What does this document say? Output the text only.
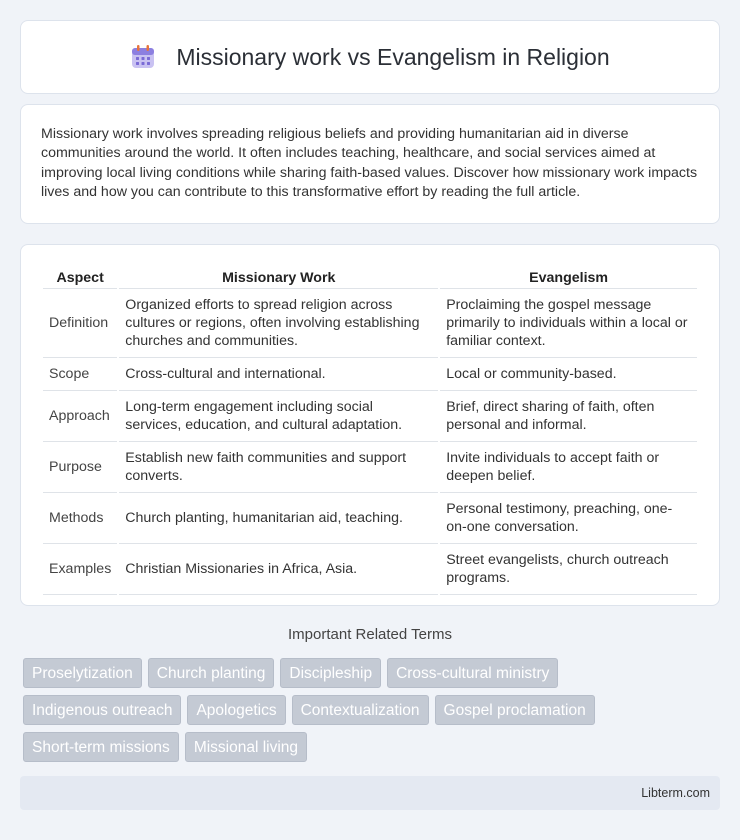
Missionary work vs Evangelism in Religion

Missionary work involves spreading religious beliefs and providing humanitarian aid in diverse communities around the world. It often includes teaching, healthcare, and social services aimed at improving local living conditions while sharing faith-based values. Discover how missionary work impacts lives and how you can contribute to this transformative effort by reading the full article.

Aspect	Missionary Work	Evangelism
Definition	Organized efforts to spread religion across cultures or regions, often involving establishing churches and communities.	Proclaiming the gospel message primarily to individuals within a local or familiar context.
Scope	Cross-cultural and international.	Local or community-based.
Approach	Long-term engagement including social services, education, and cultural adaptation.	Brief, direct sharing of faith, often personal and informal.
Purpose	Establish new faith communities and support converts.	Invite individuals to accept faith or deepen belief.
Methods	Church planting, humanitarian aid, teaching.	Personal testimony, preaching, one-on-one conversation.
Examples	Christian Missionaries in Africa, Asia.	Street evangelists, church outreach programs.
Important Related Terms
Proselytization	Church planting	Discipleship	Cross-cultural ministry
Indigenous outreach	Apologetics	Contextualization	Gospel proclamation
Short-term missions	Missional living
Libterm.com
